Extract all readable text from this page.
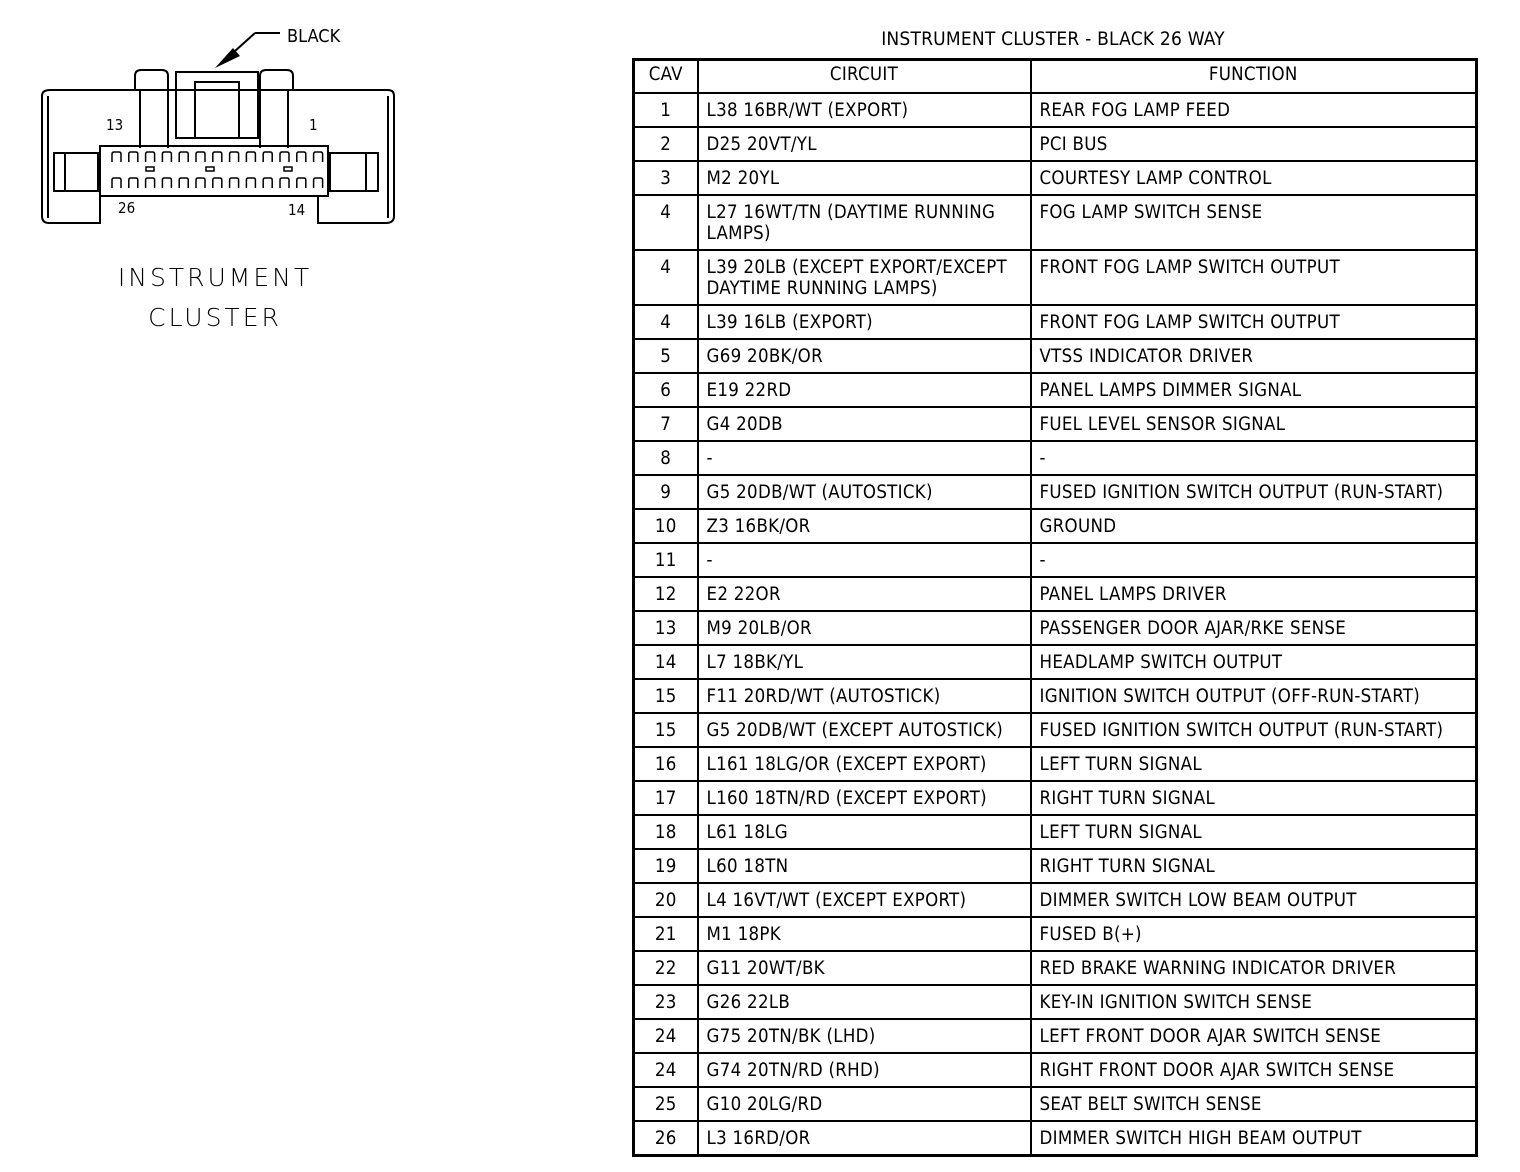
BLACK
13	1
26	14
INSTRUMENT
CLUSTER
INSTRUMENT CLUSTER - BLACK 26 WAY
CAV	CIRCUIT	FUNCTION
1	L38 16BR/WT (EXPORT)	REAR FOG LAMP FEED
2	D25 20VT/YL	PCI BUS
3	M2 20YL	COURTESY LAMP CONTROL
4	L27 16WT/TN (DAYTIME RUNNING LAMPS)	FOG LAMP SWITCH SENSE
4	L39 20LB (EXCEPT EXPORT/EXCEPT DAYTIME RUNNING LAMPS)	FRONT FOG LAMP SWITCH OUTPUT
4	L39 16LB (EXPORT)	FRONT FOG LAMP SWITCH OUTPUT
5	G69 20BK/OR	VTSS INDICATOR DRIVER
6	E19 22RD	PANEL LAMPS DIMMER SIGNAL
7	G4 20DB	FUEL LEVEL SENSOR SIGNAL
8	-	-
9	G5 20DB/WT (AUTOSTICK)	FUSED IGNITION SWITCH OUTPUT (RUN-START)
10	Z3 16BK/OR	GROUND
11	-	-
12	E2 22OR	PANEL LAMPS DRIVER
13	M9 20LB/OR	PASSENGER DOOR AJAR/RKE SENSE
14	L7 18BK/YL	HEADLAMP SWITCH OUTPUT
15	F11 20RD/WT (AUTOSTICK)	IGNITION SWITCH OUTPUT (OFF-RUN-START)
15	G5 20DB/WT (EXCEPT AUTOSTICK)	FUSED IGNITION SWITCH OUTPUT (RUN-START)
16	L161 18LG/OR (EXCEPT EXPORT)	LEFT TURN SIGNAL
17	L160 18TN/RD (EXCEPT EXPORT)	RIGHT TURN SIGNAL
18	L61 18LG	LEFT TURN SIGNAL
19	L60 18TN	RIGHT TURN SIGNAL
20	L4 16VT/WT (EXCEPT EXPORT)	DIMMER SWITCH LOW BEAM OUTPUT
21	M1 18PK	FUSED B(+)
22	G11 20WT/BK	RED BRAKE WARNING INDICATOR DRIVER
23	G26 22LB	KEY-IN IGNITION SWITCH SENSE
24	G75 20TN/BK (LHD)	LEFT FRONT DOOR AJAR SWITCH SENSE
24	G74 20TN/RD (RHD)	RIGHT FRONT DOOR AJAR SWITCH SENSE
25	G10 20LG/RD	SEAT BELT SWITCH SENSE
26	L3 16RD/OR	DIMMER SWITCH HIGH BEAM OUTPUT
